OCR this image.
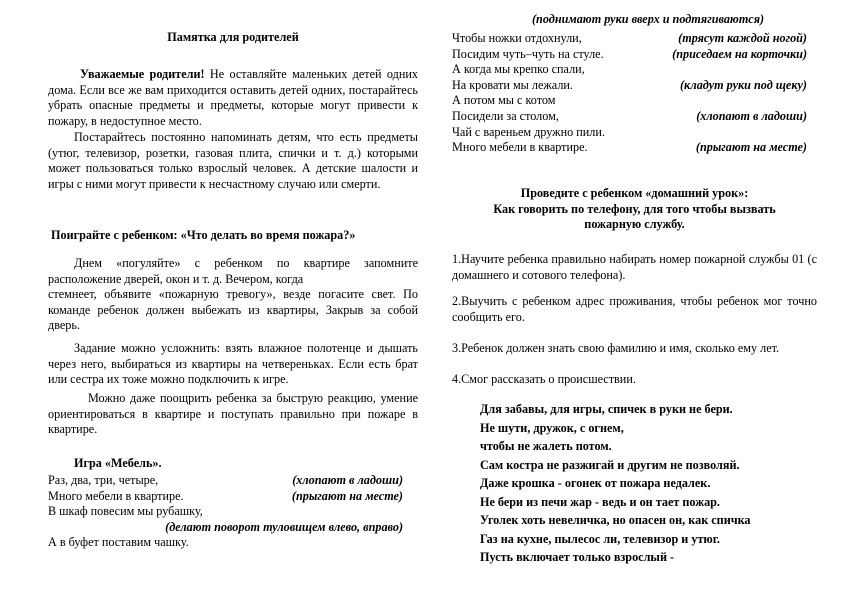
Памятка для родителей
Уважаемые родители! Не оставляйте маленьких детей одних дома. Если все же вам приходится оставить детей одних, постарайтесь убрать опасные предметы и предметы, которые могут привести к пожару, в недоступное место.
Постарайтесь постоянно напоминать детям, что есть предметы (утюг, телевизор, розетки, газовая плита, спички и т. д.) которыми может пользоваться только взрослый человек. А детские шалости и игры с ними могут привести к несчастному случаю или смерти.
Поиграйте с ребенком: «Что делать во время пожара?»
Днем «погуляйте» с ребенком по квартире запомните расположение дверей, окон и т. д. Вечером, когда
стемнеет, объявите «пожарную тревогу», везде погасите свет. По команде ребенок должен выбежать из квартиры, Закрыв за собой дверь.
Задание можно усложнить: взять влажное полотенце и дышать через него, выбираться из квартиры на четвереньках. Если есть брат или сестра их тоже можно подключить к игре.
Можно даже поощрить ребенка за быструю реакцию, умение ориентироваться в квартире и поступать правильно при пожаре в квартире.
Игра «Мебель».
Раз, два, три, четыре,	(хлопают в ладоши)
Много мебели в квартире.	(прыгают на месте)
В шкаф повесим мы рубашку,
(делают поворот туловищем влево, вправо)
А в буфет поставим чашку.
(поднимают руки вверх и подтягиваются)
Чтобы ножки отдохнули,	(трясут каждой ногой)
Посидим чуть–чуть на стуле.	(приседаем на корточки)
А когда мы крепко спали,
На кровати мы лежали.	(кладут руки под щеку)
А потом мы с котом
Посидели за столом,	(хлопают в ладоши)
Чай с вареньем дружно пили.
Много мебели в квартире.	(прыгают на месте)
Проведите с ребенком «домашний урок»:
Как говорить по телефону, для того чтобы вызвать пожарную службу.
1.Научите ребенка правильно набирать номер пожарной службы 01 (с домашнего и сотового телефона).
2.Выучить с ребенком адрес проживания, чтобы ребенок мог точно сообщить его.
3.Ребенок должен знать свою фамилию и имя, сколько ему лет.
4.Смог рассказать о происшествии.
Для забавы, для игры, спичек в руки не бери.
Не шути, дружок, с огнем,
чтобы не жалеть потом.
Сам костра не разжигай и другим не позволяй.
Даже крошка - огонек от пожара недалек.
Не бери из печи жар - ведь и он тает пожар.
Уголек хоть невеличка, но опасен он, как спичка
Газ на кухне, пылесос ли, телевизор и утюг.
Пусть включает только взрослый -
